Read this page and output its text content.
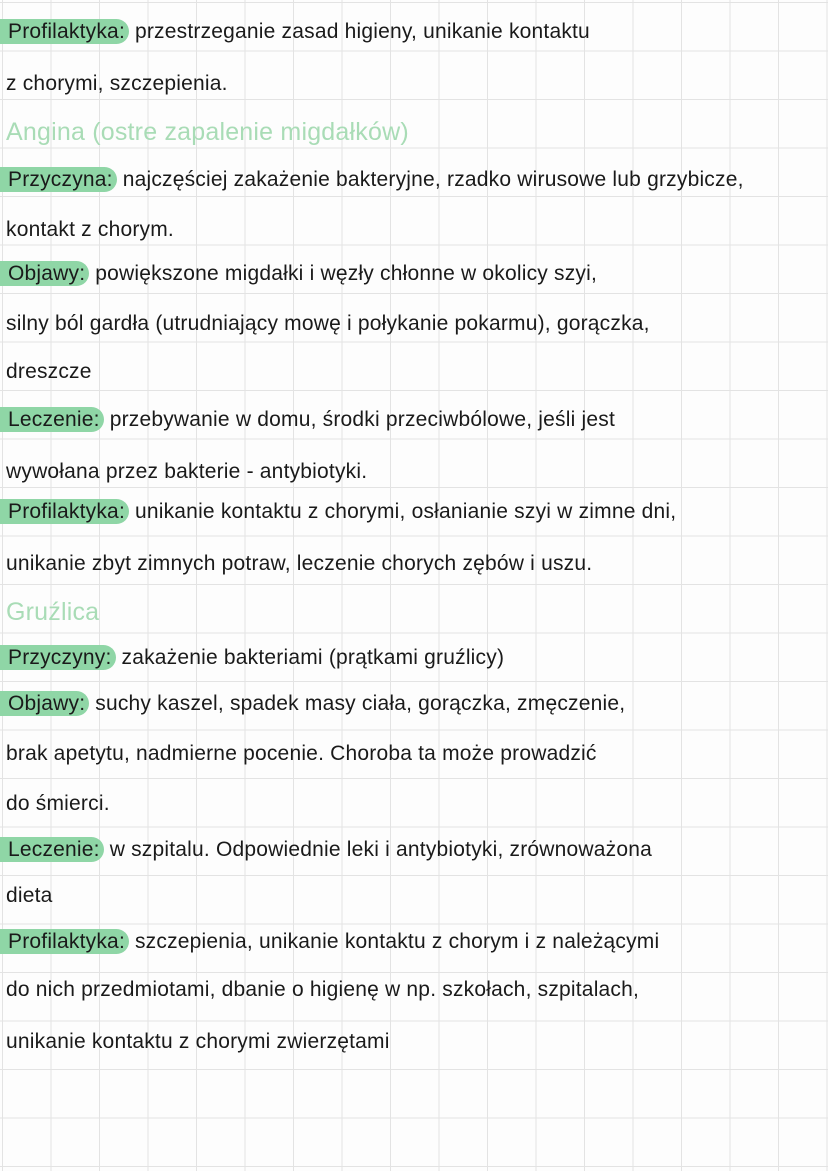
Profilaktyka: przestrzeganie zasad higieny, unikanie kontaktu
z chorymi, szczepienia.
Angina (ostre zapalenie migdałków)
Przyczyna: najczęściej zakażenie bakteryjne, rzadko wirusowe lub grzybicze,
kontakt z chorym.
Objawy: powiększone migdałki i węzły chłonne w okolicy szyi,
silny ból gardła (utrudniający mowę i połykanie pokarmu), gorączka,
dreszcze
Leczenie: przebywanie w domu, środki przeciwbólowe, jeśli jest
wywołana przez bakterie - antybiotyki.
Profilaktyka: unikanie kontaktu z chorymi, osłanianie szyi w zimne dni,
unikanie zbyt zimnych potraw, leczenie chorych zębów i uszu.
Gruźlica
Przyczyny: zakażenie bakteriami (prątkami gruźlicy)
Objawy: suchy kaszel, spadek masy ciała, gorączka, zmęczenie,
brak apetytu, nadmierne pocenie. Choroba ta może prowadzić
do śmierci.
Leczenie: w szpitalu. Odpowiednie leki i antybiotyki, zrównoważona
dieta
Profilaktyka: szczepienia, unikanie kontaktu z chorym i z należącymi
do nich przedmiotami, dbanie o higienę w np. szkołach, szpitalach,
unikanie kontaktu z chorymi zwierzętami
